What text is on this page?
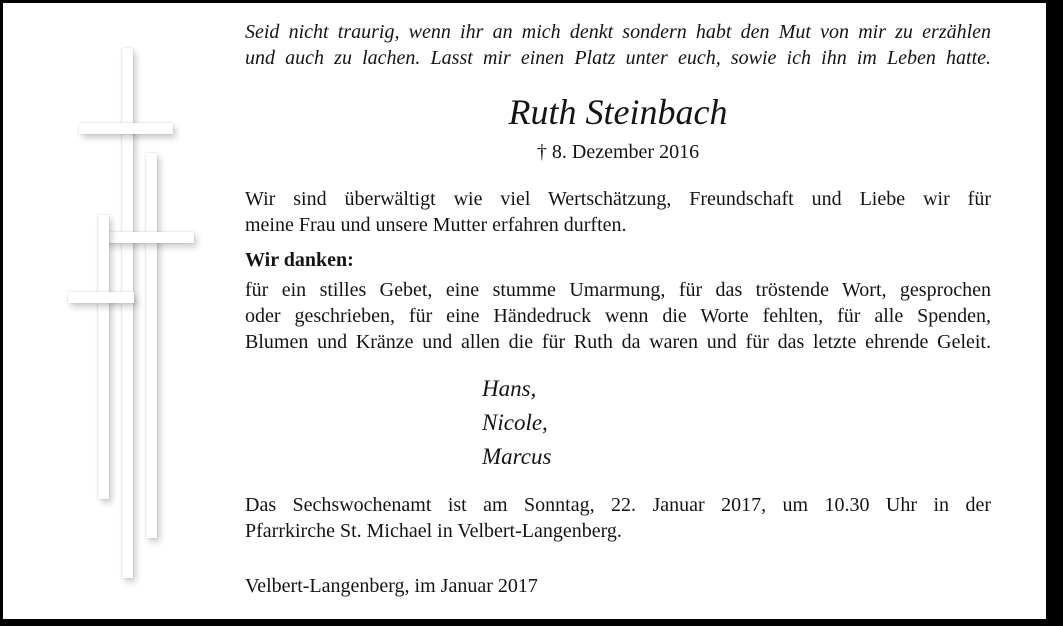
Seid nicht traurig, wenn ihr an mich denkt sondern habt den Mut von mir zu erzählen
und auch zu lachen. Lasst mir einen Platz unter euch, sowie ich ihn im Leben hatte.
Ruth Steinbach
† 8. Dezember 2016
Wir sind überwältigt wie viel Wertschätzung, Freundschaft und Liebe wir für
meine Frau und unsere Mutter erfahren durften.
Wir danken:
für ein stilles Gebet, eine stumme Umarmung, für das tröstende Wort, gesprochen
oder geschrieben, für eine Händedruck wenn die Worte fehlten, für alle Spenden,
Blumen und Kränze und allen die für Ruth da waren und für das letzte ehrende Geleit.
Hans,
Nicole,
Marcus
Das Sechswochenamt ist am Sonntag, 22. Januar 2017, um 10.30 Uhr in der
Pfarrkirche St. Michael in Velbert-Langenberg.
Velbert-Langenberg, im Januar 2017
